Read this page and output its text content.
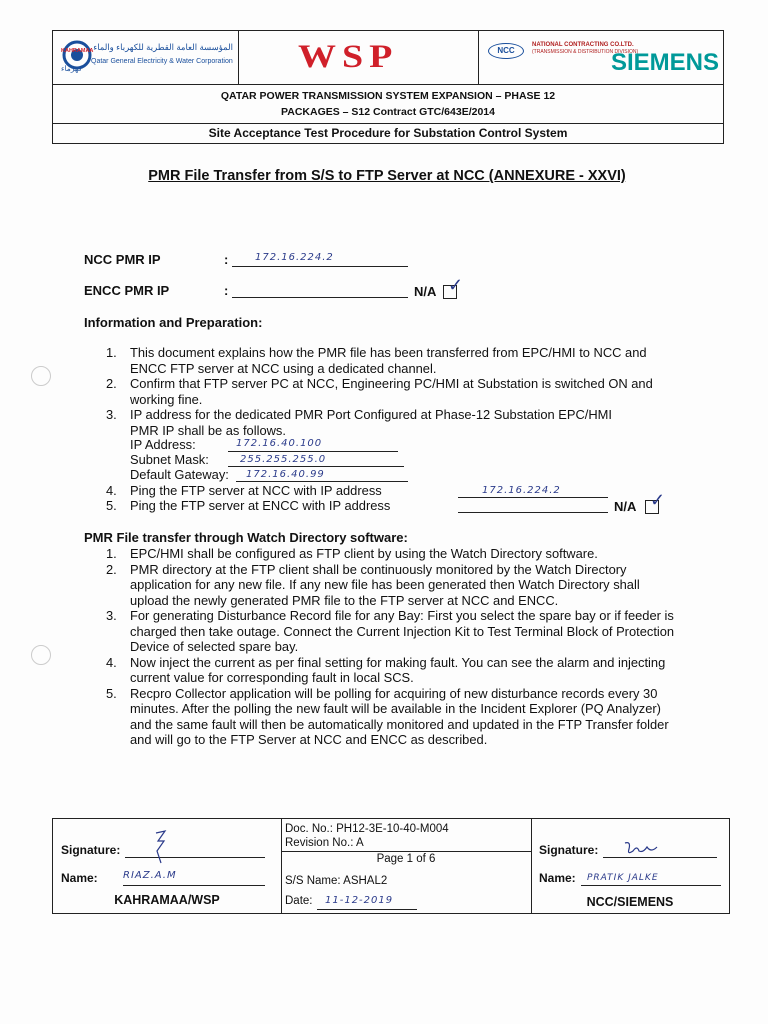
KAHRAMAA المؤسسة العامة القطرية للكهرباء والماء
كهرماء
Qatar General Electricity & Water Corporation WSP	NCC
NATIONAL CONTRACTING CO.LTD.
(TRANSMISSION & DISTRIBUTION DIVISION)
SIEMENS
QATAR POWER TRANSMISSION SYSTEM EXPANSION – PHASE 12
PACKAGES – S12 Contract GTC/643E/2014
Site Acceptance Test Procedure for Substation Control System
PMR File Transfer from S/S to FTP Server at NCC (ANNEXURE - XXVI)
NCC PMR IP	:	172.16.224.2
ENCC PMR IP	:	N/A ✓
Information and Preparation:
1. This document explains how the PMR file has been transferred from EPC/HMI to NCC and ENCC FTP server at NCC using a dedicated channel.
2. Confirm that FTP server PC at NCC, Engineering PC/HMI at Substation is switched ON and working fine.
3. IP address for the dedicated PMR Port Configured at Phase-12 Substation EPC/HMI PMR IP shall be as follows.
IP Address:	172.16.40.100
Subnet Mask:	255.255.255.0
Default Gateway: 172.16.40.99
4. Ping the FTP server at NCC with IP address	172.16.224.2
5. Ping the FTP server at ENCC with IP address	N/A ✓
PMR File transfer through Watch Directory software:
1. EPC/HMI shall be configured as FTP client by using the Watch Directory software.
2. PMR directory at the FTP client shall be continuously monitored by the Watch Directory application for any new file. If any new file has been generated then Watch Directory shall upload the newly generated PMR file to the FTP server at NCC and ENCC.
3. For generating Disturbance Record file for any Bay: First you select the spare bay or if feeder is charged then take outage. Connect the Current Injection Kit to Test Terminal Block of Protection Device of selected spare bay.
4. Now inject the current as per final setting for making fault. You can see the alarm and injecting current value for corresponding fault in local SCS.
5. Recpro Collector application will be polling for acquiring of new disturbance records every 30 minutes. After the polling the new fault will be available in the Incident Explorer (PQ Analyzer) and the same fault will then be automatically monitored and updated in the FTP Transfer folder and will go to the FTP Server at NCC and ENCC as described.
Signature:
Name:	RIAZ.A.M
KAHRAMAA/WSP
Doc. No.: PH12-3E-10-40-M004
Revision No.: A
Page 1 of 6
S/S Name: ASHAL2
Date: 11-12-2019
Signature:
Name: PRATIK JALKE
NCC/SIEMENS
